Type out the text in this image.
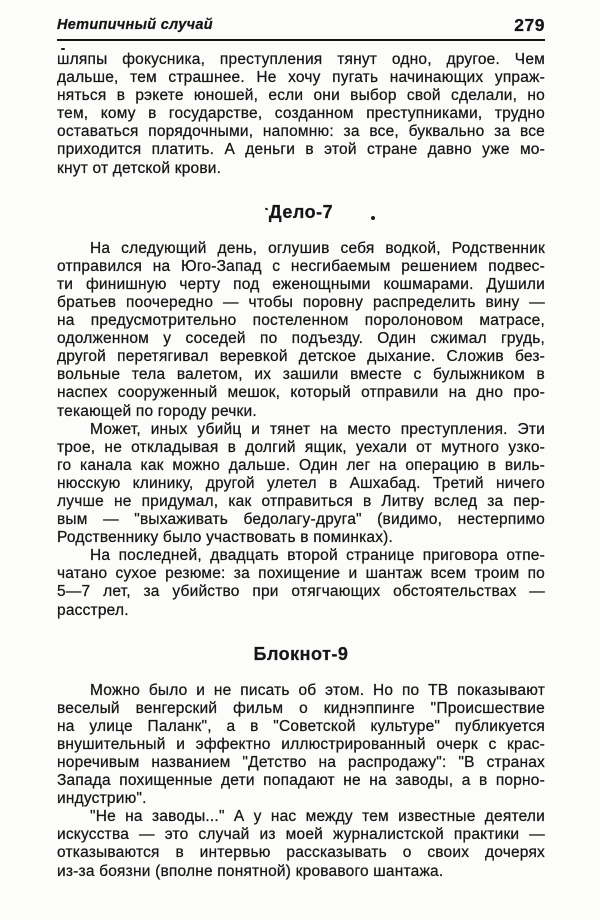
Нетипичный случай	279
шляпы фокусника, преступления тянут одно, другое. Чем
дальше, тем страшнее. Не хочу пугать начинающих упраж-
няться в рэкете юношей, если они выбор свой сделали, но
тем, кому в государстве, созданном преступниками, трудно
оставаться порядочными, напомню: за все, буквально за все
приходится платить. А деньги в этой стране давно уже мо-
кнут от детской крови.
Дело-7
На следующий день, оглушив себя водкой, Родственник
отправился на Юго-Запад с несгибаемым решением подвес-
ти финишную черту под еженощными кошмарами. Душили
братьев поочередно — чтобы поровну распределить вину —
на предусмотрительно постеленном поролоновом матрасе,
одолженном у соседей по подъезду. Один сжимал грудь,
другой перетягивал веревкой детское дыхание. Сложив без-
вольные тела валетом, их зашили вместе с булыжником в
наспех сооруженный мешок, который отправили на дно про-
текающей по городу речки.
Может, иных убийц и тянет на место преступления. Эти
трое, не откладывая в долгий ящик, уехали от мутного узко-
го канала как можно дальше. Один лег на операцию в виль-
нюсскую клинику, другой улетел в Ашхабад. Третий ничего
лучше не придумал, как отправиться в Литву вслед за пер-
вым — "выхаживать бедолагу-друга" (видимо, нестерпимо
Родственнику было участвовать в поминках).
На последней, двадцать второй странице приговора отпе-
чатано сухое резюме: за похищение и шантаж всем троим по
5—7 лет, за убийство при отягчающих обстоятельствах —
расстрел.
Блокнот-9
Можно было и не писать об этом. Но по ТВ показывают
веселый венгерский фильм о киднэппинге "Происшествие
на улице Паланк", а в "Советской культуре" публикуется
внушительный и эффектно иллюстрированный очерк с крас-
норечивым названием "Детство на распродажу": "В странах
Запада похищенные дети попадают не на заводы, а в порно-
индустрию".
"Не на заводы..." А у нас между тем известные деятели
искусства — это случай из моей журналистской практики —
отказываются в интервью рассказывать о своих дочерях
из-за боязни (вполне понятной) кровавого шантажа.
